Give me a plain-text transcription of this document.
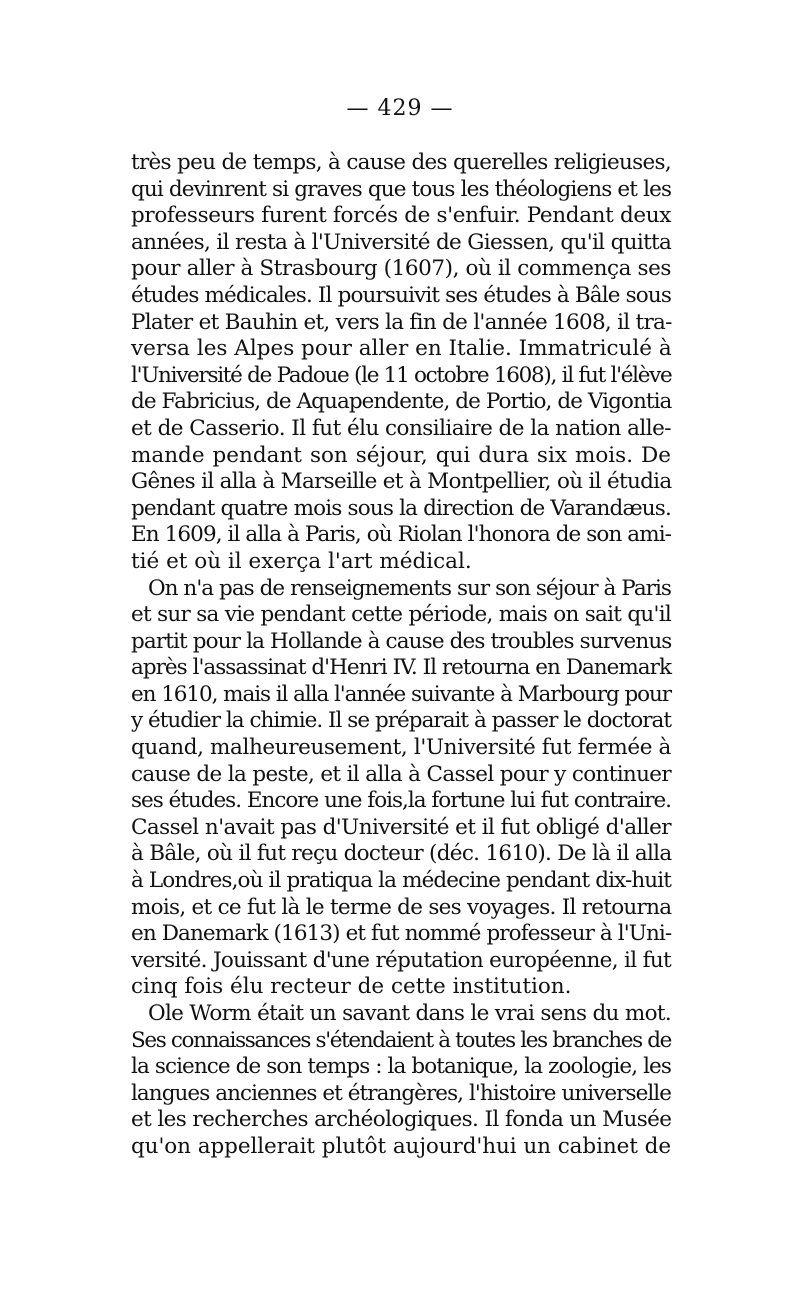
— 429 —
très peu de temps, à cause des querelles religieuses,
qui devinrent si graves que tous les théologiens et les
professeurs furent forcés de s'enfuir. Pendant deux
années, il resta à l'Université de Giessen, qu'il quitta
pour aller à Strasbourg (1607), où il commença ses
études médicales. Il poursuivit ses études à Bâle sous
Plater et Bauhin et, vers la fin de l'année 1608, il tra-
versa les Alpes pour aller en Italie. Immatriculé à
l'Université de Padoue (le 11 octobre 1608), il fut l'élève
de Fabricius, de Aquapendente, de Portio, de Vigontia
et de Casserio. Il fut élu consiliaire de la nation alle-
mande pendant son séjour, qui dura six mois. De
Gênes il alla à Marseille et à Montpellier, où il étudia
pendant quatre mois sous la direction de Varandæus.
En 1609, il alla à Paris, où Riolan l'honora de son ami-
tié et où il exerça l'art médical.
On n'a pas de renseignements sur son séjour à Paris
et sur sa vie pendant cette période, mais on sait qu'il
partit pour la Hollande à cause des troubles survenus
après l'assassinat d'Henri IV. Il retourna en Danemark
en 1610, mais il alla l'année suivante à Marbourg pour
y étudier la chimie. Il se préparait à passer le doctorat
quand, malheureusement, l'Université fut fermée à
cause de la peste, et il alla à Cassel pour y continuer
ses études. Encore une fois,la fortune lui fut contraire.
Cassel n'avait pas d'Université et il fut obligé d'aller
à Bâle, où il fut reçu docteur (déc. 1610). De là il alla
à Londres,où il pratiqua la médecine pendant dix-huit
mois, et ce fut là le terme de ses voyages. Il retourna
en Danemark (1613) et fut nommé professeur à l'Uni-
versité. Jouissant d'une réputation européenne, il fut
cinq fois élu recteur de cette institution.
Ole Worm était un savant dans le vrai sens du mot.
Ses connaissances s'étendaient à toutes les branches de
la science de son temps : la botanique, la zoologie, les
langues anciennes et étrangères, l'histoire universelle
et les recherches archéologiques. Il fonda un Musée
qu'on appellerait plutôt aujourd'hui un cabinet de
